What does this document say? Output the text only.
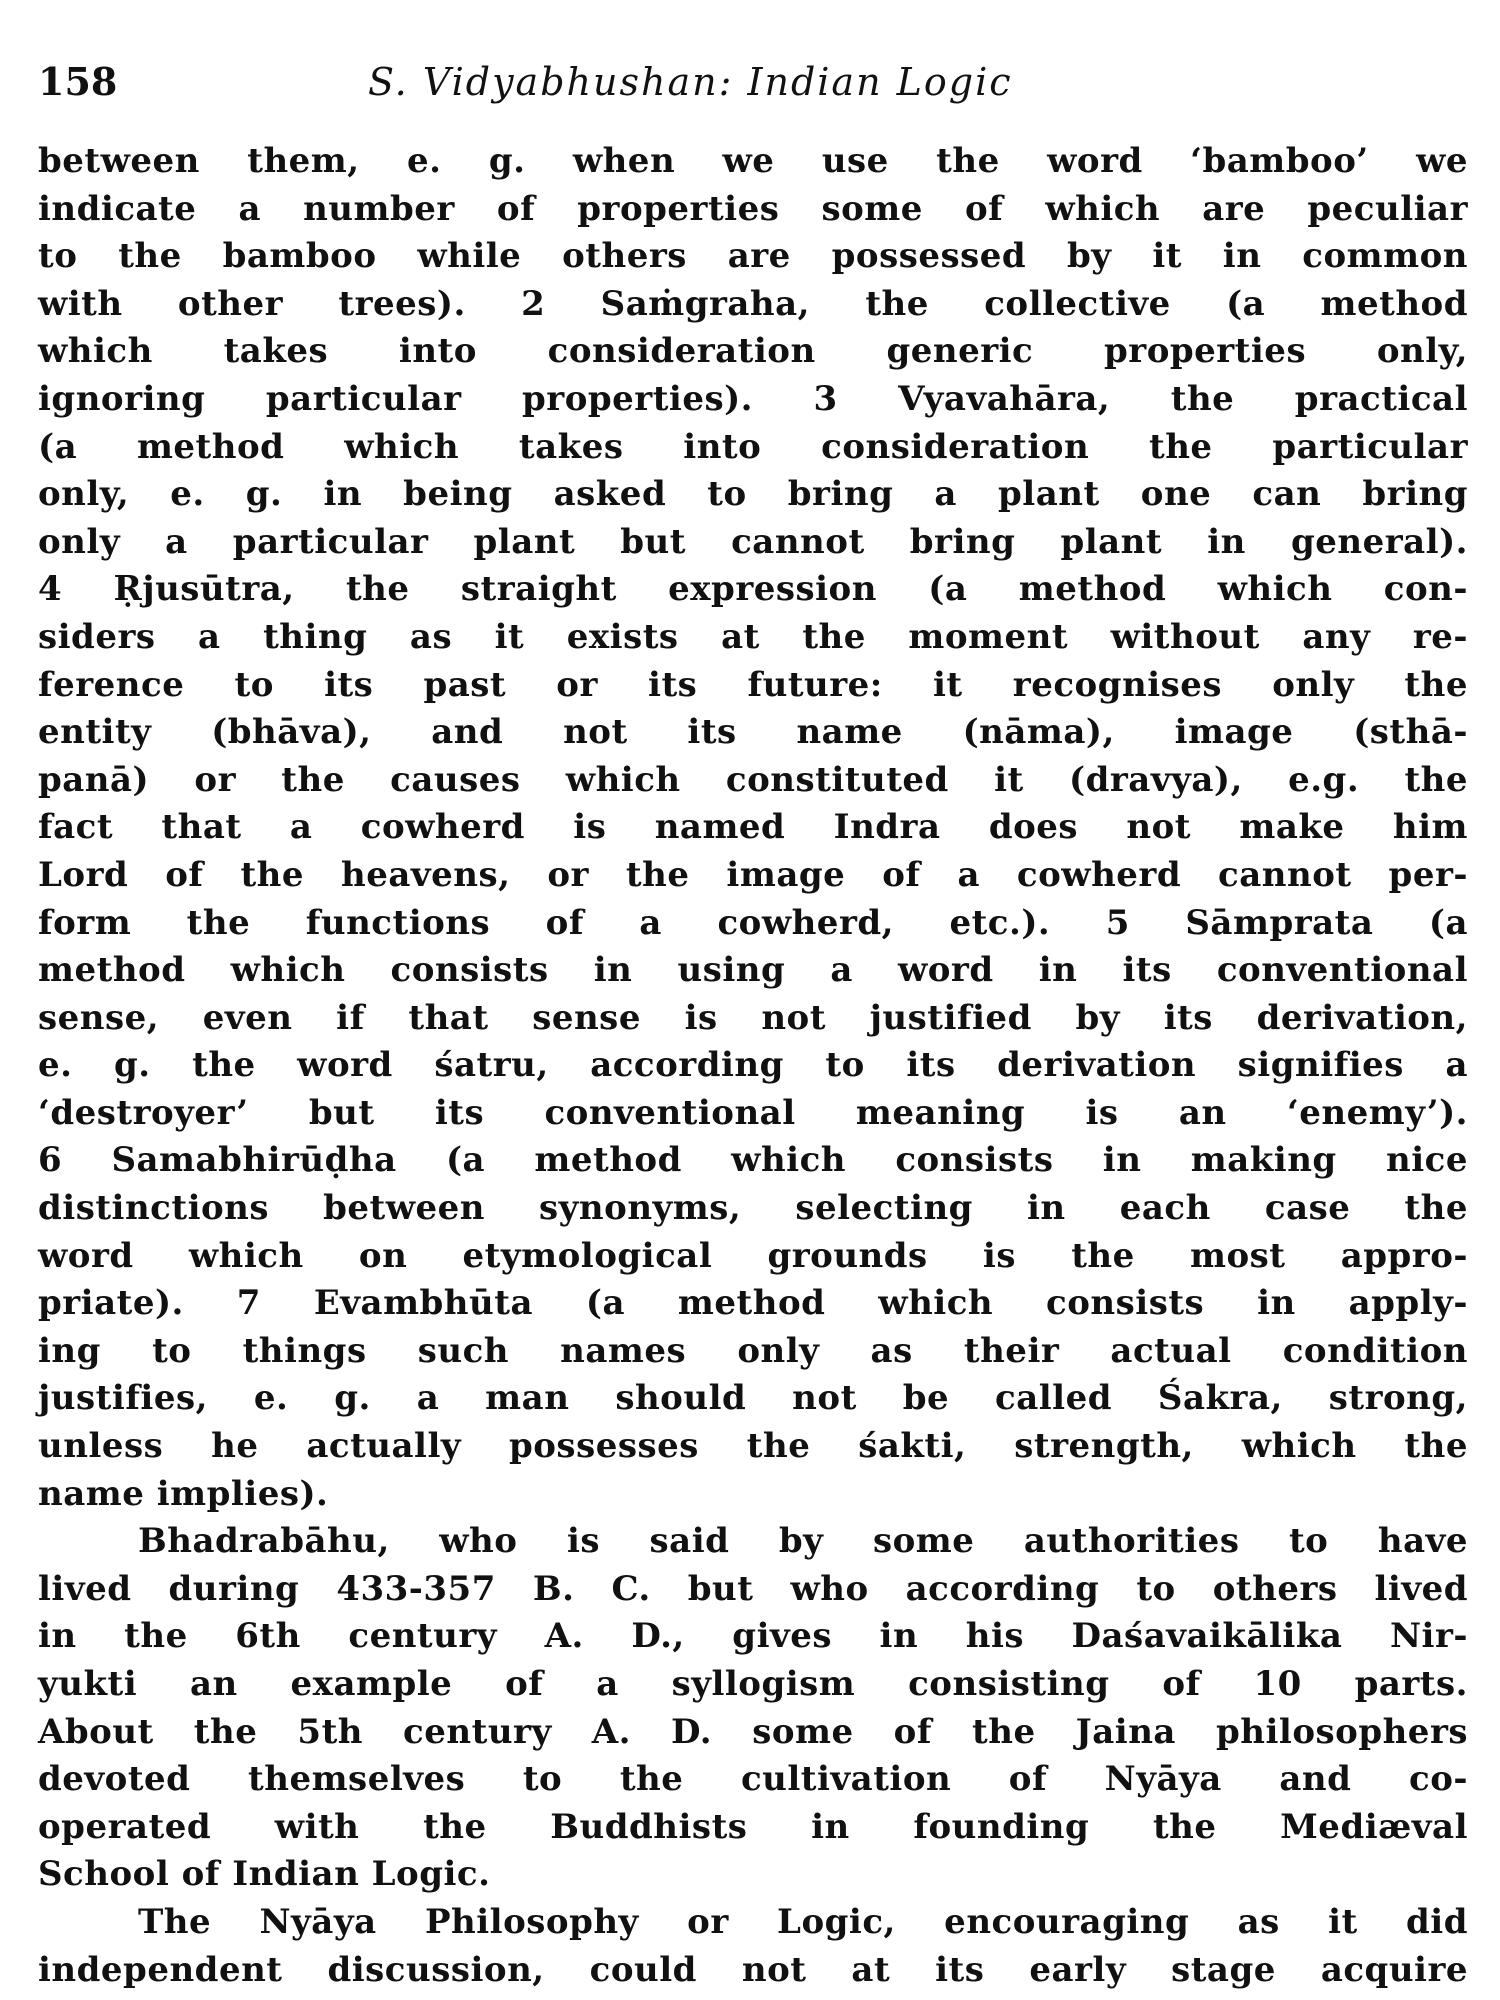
158	S. Vidyabhushan: Indian Logic
between them, e. g. when we use the word ‘bamboo’ we
indicate a number of properties some of which are peculiar
to the bamboo while others are possessed by it in common
with other trees). 2 Saṁgraha, the collective (a method
which takes into consideration generic properties only,
ignoring particular properties). 3 Vyavahāra, the practical
(a method which takes into consideration the particular
only, e. g. in being asked to bring a plant one can bring
only a particular plant but cannot bring plant in general).
4 Ṛjusūtra, the straight expression (a method which con-
siders a thing as it exists at the moment without any re-
ference to its past or its future: it recognises only the
entity (bhāva), and not its name (nāma), image (sthā-
panā) or the causes which constituted it (dravya), e.g. the
fact that a cowherd is named Indra does not make him
Lord of the heavens, or the image of a cowherd cannot per-
form the functions of a cowherd, etc.). 5 Sāmprata (a
method which consists in using a word in its conventional
sense, even if that sense is not justified by its derivation,
e. g. the word śatru, according to its derivation signifies a
‘destroyer’ but its conventional meaning is an ‘enemy’).
6 Samabhirūḍha (a method which consists in making nice
distinctions between synonyms, selecting in each case the
word which on etymological grounds is the most appro-
priate). 7 Evambhūta (a method which consists in apply-
ing to things such names only as their actual condition
justifies, e. g. a man should not be called Śakra, strong,
unless he actually possesses the śakti, strength, which the
name implies).
Bhadrabāhu, who is said by some authorities to have
lived during 433-357 B. C. but who according to others lived
in the 6th century A. D., gives in his Daśavaikālika Nir-
yukti an example of a syllogism consisting of 10 parts.
About the 5th century A. D. some of the Jaina philosophers
devoted themselves to the cultivation of Nyāya and co-
operated with the Buddhists in founding the Mediæval
School of Indian Logic.
The Nyāya Philosophy or Logic, encouraging as it did
independent discussion, could not at its early stage acquire
